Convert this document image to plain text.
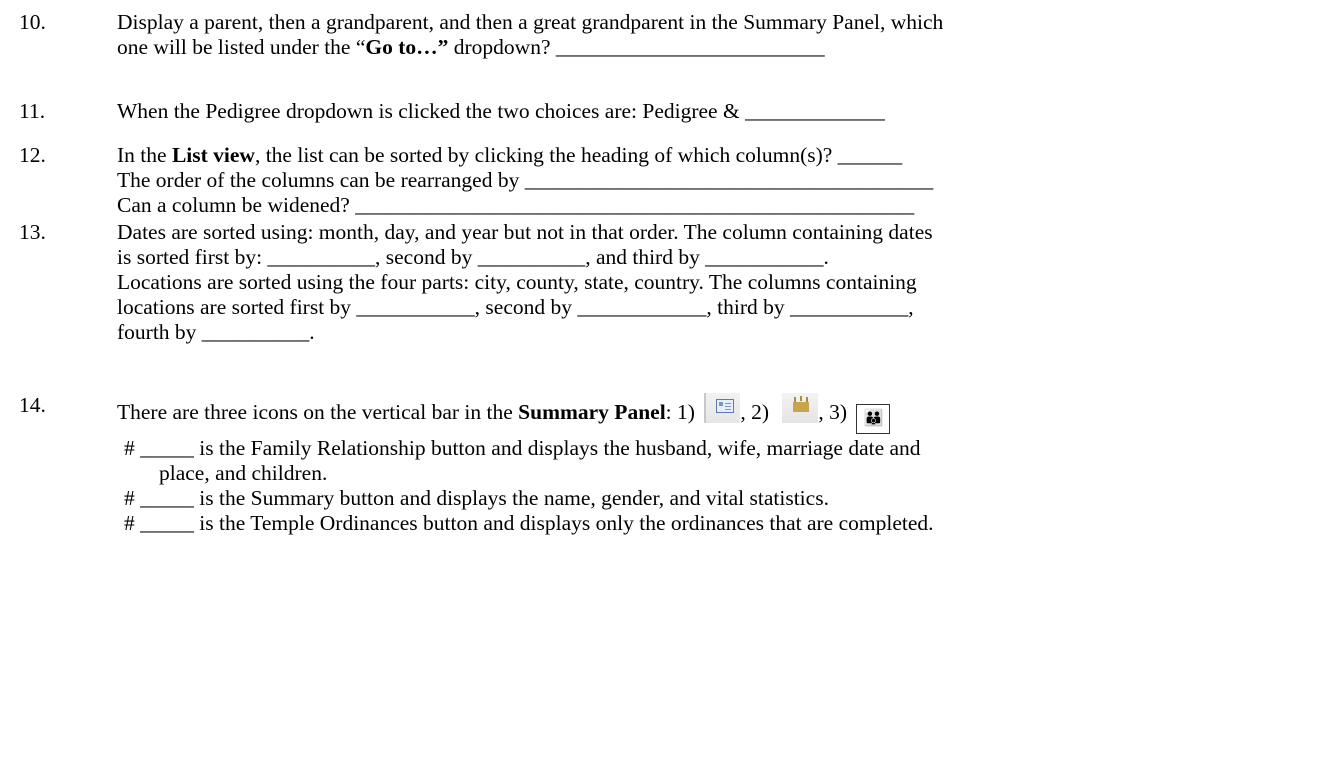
10.	Display a parent, then a grandparent, and then a great grandparent in the Summary Panel, which
one will be listed under the “Go to…” dropdown? _________________________
11.	When the Pedigree dropdown is clicked the two choices are: Pedigree & _____________
12.	In the List view, the list can be sorted by clicking the heading of which column(s)? ______
The order of the columns can be rearranged by ______________________________________
Can a column be widened? ____________________________________________________
13.	Dates are sorted using: month, day, and year but not in that order. The column containing dates
is sorted first by: __________, second by __________, and third by ___________.
Locations are sorted using the four parts: city, county, state, country. The columns containing
locations are sorted first by ___________, second by ____________, third by ___________,
fourth by __________.
14.	There are three icons on the vertical bar in the Summary Panel: 1)
, 2)
, 3) 👪
# _____ is the Family Relationship button and displays the husband, wife, marriage date and
place, and children.
# _____ is the Summary button and displays the name, gender, and vital statistics.
# _____ is the Temple Ordinances button and displays only the ordinances that are completed.
